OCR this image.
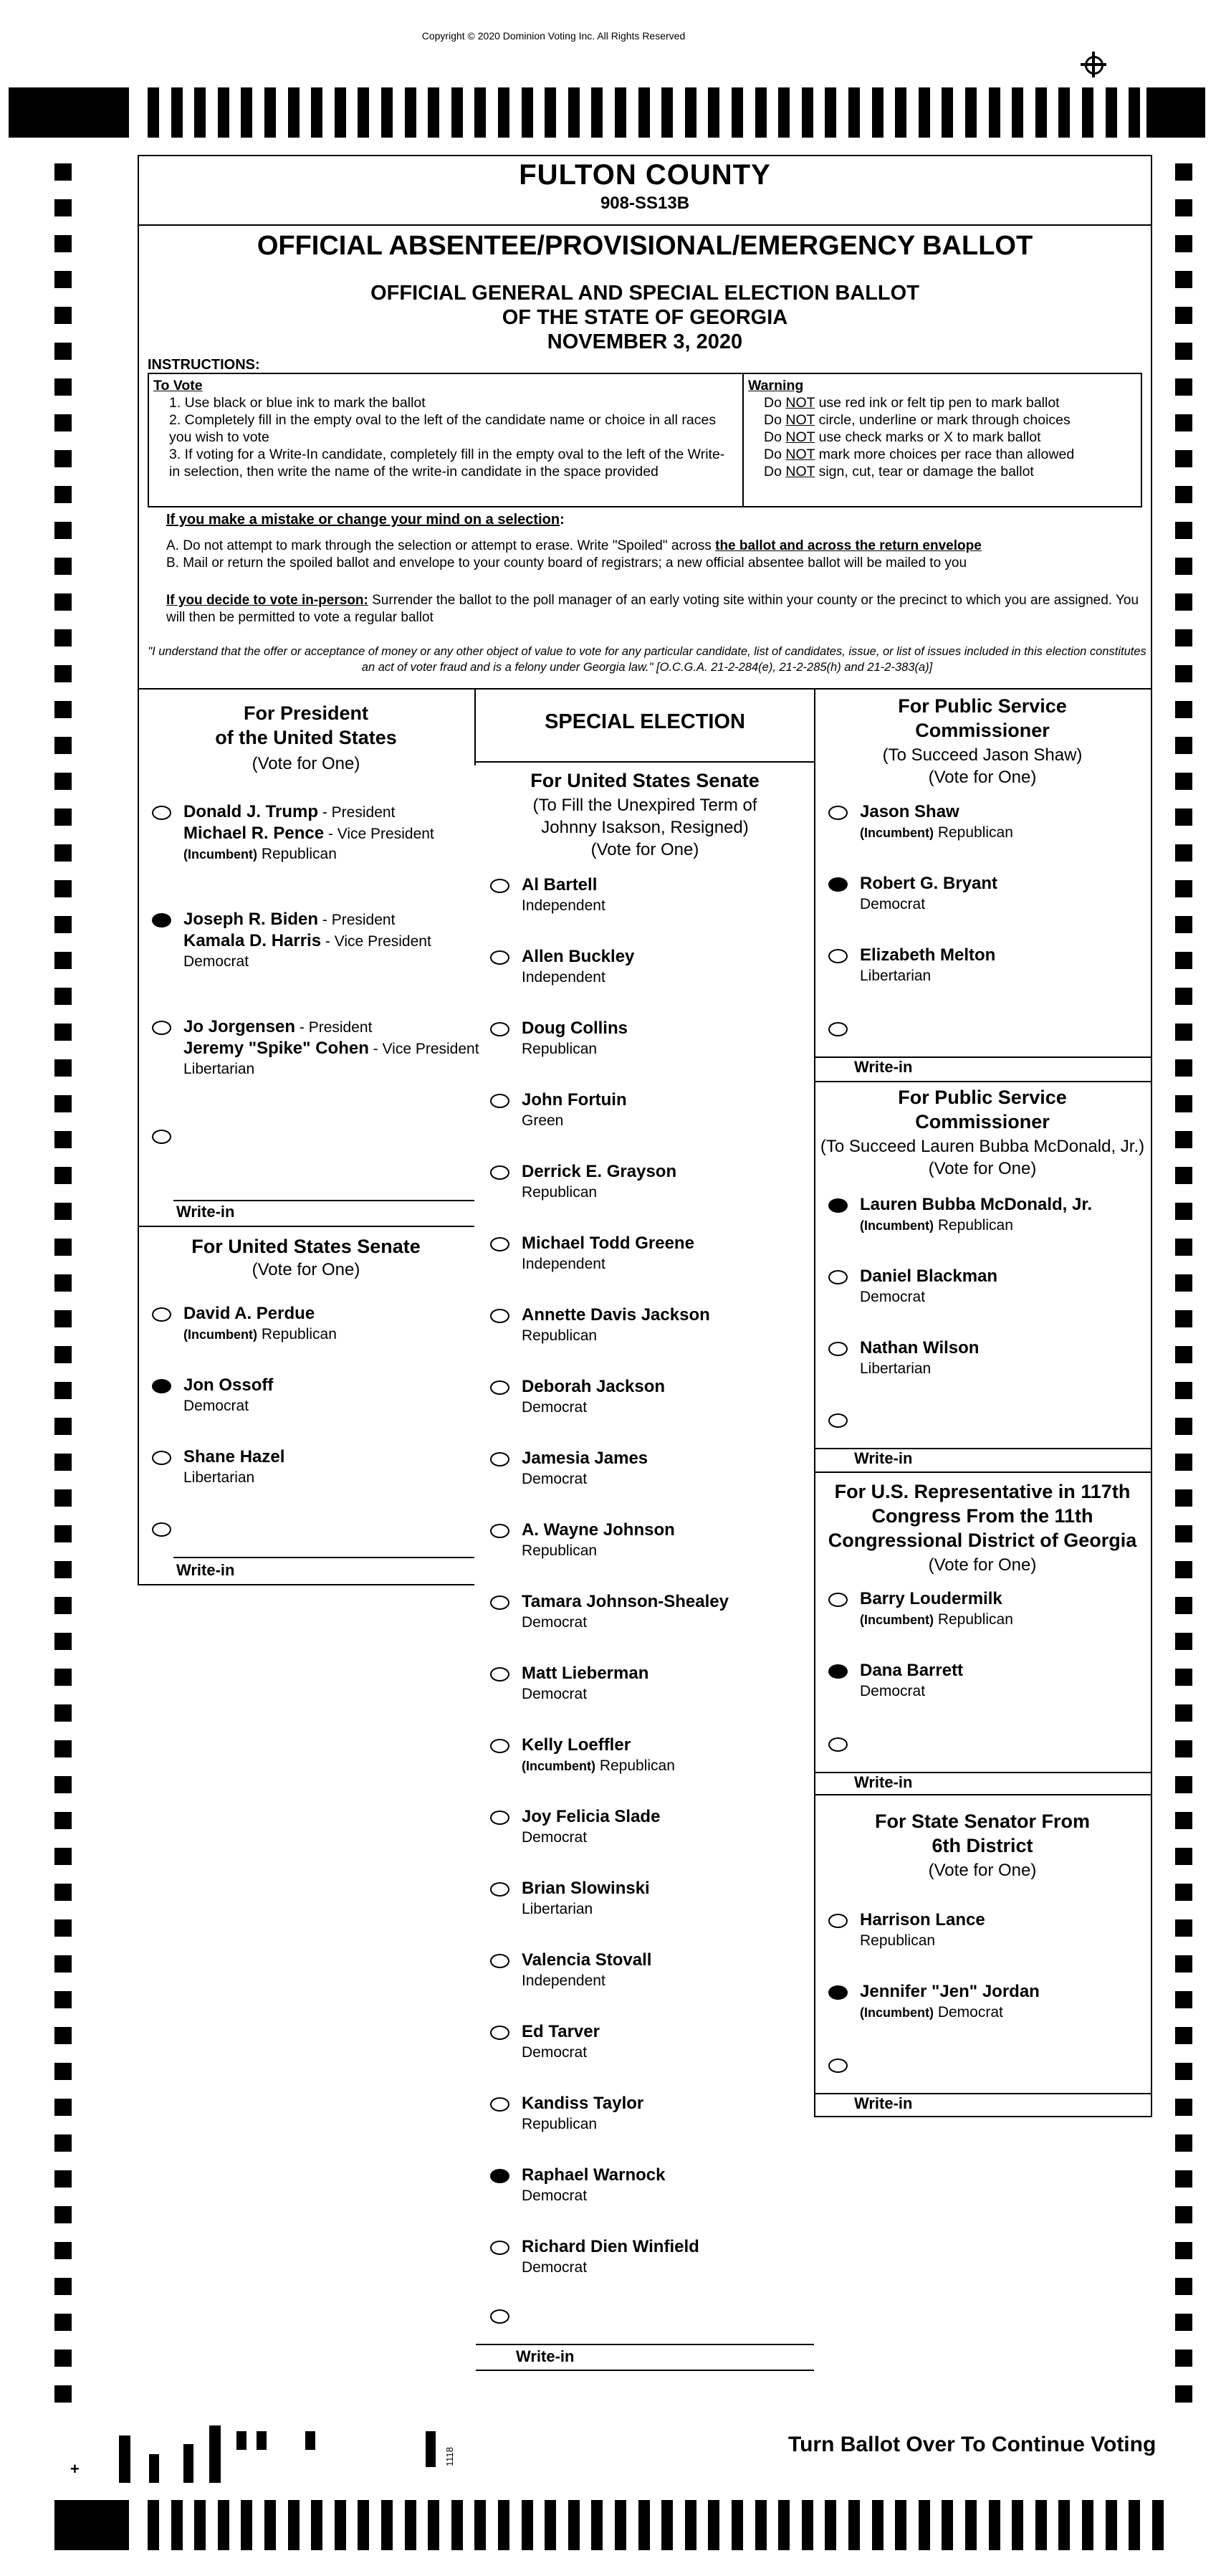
Copyright © 2020 Dominion Voting Inc. All Rights Reserved
FULTON COUNTY
908-SS13B
OFFICIAL ABSENTEE/PROVISIONAL/EMERGENCY BALLOT
OFFICIAL GENERAL AND SPECIAL ELECTION BALLOT
OF THE STATE OF GEORGIA
NOVEMBER 3, 2020
INSTRUCTIONS:
To Vote
1. Use black or blue ink to mark the ballot
2. Completely fill in the empty oval to the left of the candidate name or choice in all races you wish to vote
3. If voting for a Write-In candidate, completely fill in the empty oval to the left of the Write-in selection, then write the name of the write-in candidate in the space provided
Warning
Do NOT use red ink or felt tip pen to mark ballot
Do NOT circle, underline or mark through choices
Do NOT use check marks or X to mark ballot
Do NOT mark more choices per race than allowed
Do NOT sign, cut, tear or damage the ballot
If you make a mistake or change your mind on a selection:
A. Do not attempt to mark through the selection or attempt to erase. Write "Spoiled" across the ballot and across the return envelope
B. Mail or return the spoiled ballot and envelope to your county board of registrars; a new official absentee ballot will be mailed to you
If you decide to vote in-person: Surrender the ballot to the poll manager of an early voting site within your county or the precinct to which you are assigned. You will then be permitted to vote a regular ballot
"I understand that the offer or acceptance of money or any other object of value to vote for any particular candidate, list of candidates, issue, or list of issues included in this election constitutes an act of voter fraud and is a felony under Georgia law." [O.C.G.A. 21-2-284(e), 21-2-285(h) and 21-2-383(a)]
For President
of the United States
(Vote for One)
Donald J. Trump - President
Michael R. Pence - Vice President
(Incumbent) Republican
Joseph R. Biden - President
Kamala D. Harris - Vice President
Democrat
Jo Jorgensen - President
Jeremy "Spike" Cohen - Vice President
Libertarian
Write-in
For United States Senate
(Vote for One)
David A. Perdue
(Incumbent) Republican
Jon Ossoff
Democrat
Shane Hazel
Libertarian
Write-in
SPECIAL ELECTION
For United States Senate
(To Fill the Unexpired Term of
Johnny Isakson, Resigned)
(Vote for One)
Al Bartell
Independent
Allen Buckley
Independent
Doug Collins
Republican
John Fortuin
Green
Derrick E. Grayson
Republican
Michael Todd Greene
Independent
Annette Davis Jackson
Republican
Deborah Jackson
Democrat
Jamesia James
Democrat
A. Wayne Johnson
Republican
Tamara Johnson-Shealey
Democrat
Matt Lieberman
Democrat
Kelly Loeffler
(Incumbent) Republican
Joy Felicia Slade
Democrat
Brian Slowinski
Libertarian
Valencia Stovall
Independent
Ed Tarver
Democrat
Kandiss Taylor
Republican
Raphael Warnock
Democrat
Richard Dien Winfield
Democrat
Write-in
For Public Service
Commissioner
(To Succeed Jason Shaw)
(Vote for One)
Jason Shaw
(Incumbent) Republican
Robert G. Bryant
Democrat
Elizabeth Melton
Libertarian
Write-in
For Public Service
Commissioner
(To Succeed Lauren Bubba McDonald, Jr.)
(Vote for One)
Lauren Bubba McDonald, Jr.
(Incumbent) Republican
Daniel Blackman
Democrat
Nathan Wilson
Libertarian
Write-in
For U.S. Representative in 117th
Congress From the 11th
Congressional District of Georgia
(Vote for One)
Barry Loudermilk
(Incumbent) Republican
Dana Barrett
Democrat
Write-in
For State Senator From
6th District
(Vote for One)
Harrison Lance
Republican
Jennifer "Jen" Jordan
(Incumbent) Democrat
Write-in
Turn Ballot Over To Continue Voting
1118
+
